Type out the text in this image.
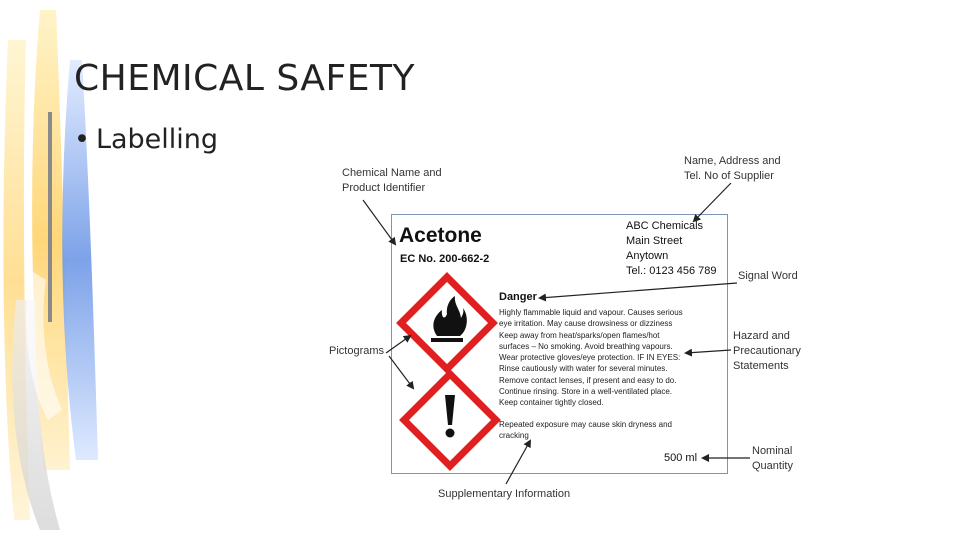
CHEMICAL SAFETY
• Labelling
Acetone
EC No. 200-662-2
ABC Chemicals
Main Street
Anytown
Tel.: 0123 456 789
Danger
Highly flammable liquid and vapour. Causes serious
eye irritation. May cause drowsiness or dizziness
Keep away from heat/sparks/open flames/hot
surfaces – No smoking. Avoid breathing vapours.
Wear protective gloves/eye protection. IF IN EYES:
Rinse cautiously with water for several minutes.
Remove contact lenses, if present and easy to do.
Continue rinsing. Store in a well-ventilated place.
Keep container tightly closed.
Repeated exposure may cause skin dryness and
cracking
500 ml
Chemical Name and
Product Identifier
Name, Address and
Tel. No of Supplier
Signal Word
Pictograms
Hazard and
Precautionary
Statements
Nominal
Quantity
Supplementary Information
